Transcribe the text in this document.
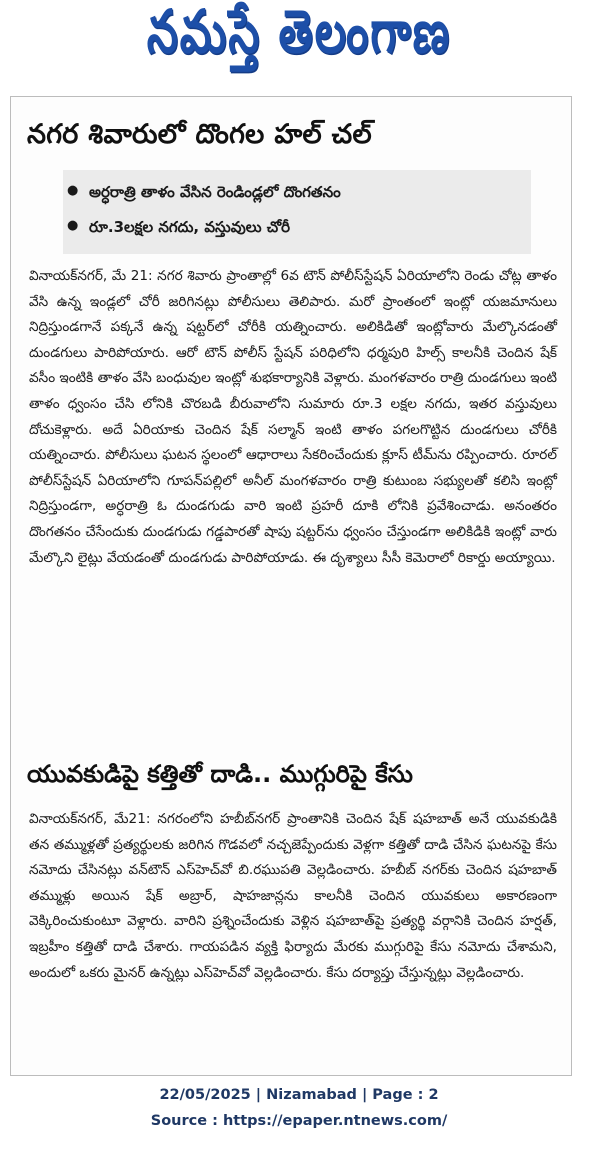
నమస్తే తెలంగాణ
నగర శివారులో దొంగల హల్ చల్
● అర్ధరాత్రి తాళం వేసిన రెండిండ్లలో దొంగతనం
● రూ.3లక్షల నగదు, వస్తువులు చోరీ
వినాయక్‌నగర్, మే 21: నగర శివారు ప్రాంతాల్లో 6వ టౌన్ పోలీస్‌స్టేషన్ ఏరియాలోని రెండు చోట్ల తాళం వేసి ఉన్న ఇండ్లలో చోరీ జరిగినట్లు పోలీసులు తెలిపారు. మరో ప్రాంతంలో ఇంట్లో యజమానులు నిద్రిస్తుండగానే పక్కనే ఉన్న షట్టర్‌లో చోరీకి యత్నించారు. అలికిడితో ఇంట్లోవారు మేల్కొనడంతో దుండగులు పారిపోయారు. ఆరో టౌన్ పోలీస్ స్టేషన్ పరిధిలోని ధర్మపురి హిల్స్ కాలనీకి చెందిన షేక్ వసీం ఇంటికి తాళం వేసి బంధువుల ఇంట్లో శుభకార్యానికి వెళ్లారు. మంగళవారం రాత్రి దుండగులు ఇంటి తాళం ధ్వంసం చేసి లోనికి చొరబడి బీరువాలోని సుమారు రూ.3 లక్షల నగదు, ఇతర వస్తువులు దోచుకెళ్లారు. అదే ఏరియాకు చెందిన షేక్ సల్మాన్ ఇంటి తాళం పగలగొట్టిన దుండగులు చోరీకి యత్నించారు. పోలీసులు ఘటన స్థలంలో ఆధారాలు సేకరించేందుకు క్లూస్ టీమ్‌ను రప్పించారు. రూరల్ పోలీస్‌స్టేషన్ ఏరియాలోని గూపన్‌పల్లిలో అనీల్ మంగళవారం రాత్రి కుటుంబ సభ్యులతో కలిసి ఇంట్లో నిద్రిస్తుండగా, అర్ధరాత్రి ఓ దుండగుడు వారి ఇంటి ప్రహరీ దూకి లోనికి ప్రవేశించాడు. అనంతరం దొంగతనం చేసేందుకు దుండగుడు గడ్డపారతో షాపు షట్టర్‌ను ధ్వంసం చేస్తుండగా అలికిడికి ఇంట్లో వారు మేల్కొని లైట్లు వేయడంతో దుండగుడు పారిపోయాడు. ఈ దృశ్యాలు సీసీ కెమెరాలో రికార్డు అయ్యాయి.
యువకుడిపై కత్తితో దాడి.. ముగ్గురిపై కేసు
వినాయక్‌నగర్, మే21: నగరంలోని హబీబ్‌నగర్ ప్రాంతానికి చెందిన షేక్ షహబాత్ అనే యువకుడికి తన తమ్ముళ్లతో ప్రత్యర్థులకు జరిగిన గొడవలో నచ్చజెప్పేందుకు వెళ్లగా కత్తితో దాడి చేసిన ఘటనపై కేసు నమోదు చేసినట్లు వన్‌టౌన్ ఎస్‌హెచ్‌వో బి.రఘుపతి వెల్లడించారు. హబీబ్ నగర్‌కు చెందిన షహబాత్ తమ్ముళ్లు అయిన షేక్ అబ్రార్, షాహజాన్లను కాలనీకి చెందిన యువకులు అకారణంగా వెక్కిరించుకుంటూ వెళ్లారు. వారిని ప్రశ్నించేందుకు వెళ్లిన షహబాత్‌పై ప్రత్యర్థి వర్గానికి చెందిన హర్షత్, ఇబ్రహీం కత్తితో దాడి చేశారు. గాయపడిన వ్యక్తి ఫిర్యాదు మేరకు ముగ్గురిపై కేసు నమోదు చేశామని, అందులో ఒకరు మైనర్ ఉన్నట్లు ఎస్‌హెచ్‌వో వెల్లడించారు. కేసు దర్యాప్తు చేస్తున్నట్లు వెల్లడించారు.
22/05/2025 | Nizamabad | Page : 2
Source : https://epaper.ntnews.com/
